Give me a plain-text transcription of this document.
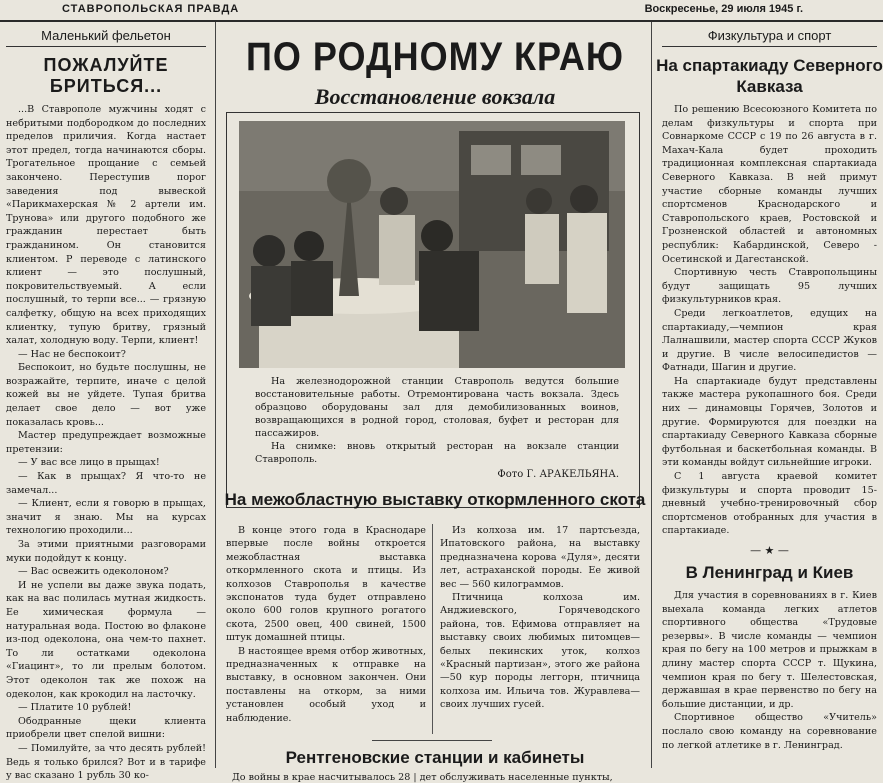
СТАВРОПОЛЬСКАЯ ПРАВДА	Воскресенье, 29 июля 1945 г.
Маленький фельетон
ПОЖАЛУЙТЕ БРИТЬСЯ...

...В Ставрополе мужчины ходят с небритыми подбородком до последних пределов приличия. Когда настает этот предел, тогда начинаются сборы. Трогательное прощание с семьей закончено. Переступив порог заведения под вывеской «Парикмахерская № 2 артели им. Трунова» или другого подобного же гражданин перестает быть гражданином. Он становится клиентом. Р переводе с латинского клиент — это послушный, покровительствуемый. А если послушный, то терпи все... — грязную салфетку, общую на всех приходящих клиентку, тупую бритву, грязный халат, холодную воду. Терпи, клиент!

— Нас не беспокоит?

Беспокоит, но будьте послушны, не возражайте, терпите, иначе с целой кожей вы не уйдете. Тупая бритва делает свое дело — вот уже показалась кровь...

Мастер предупреждает возможные претензии:

— У вас все лицо в прыщах!

— Как в прыщах? Я что-то не замечал...

— Клиент, если я говорю в прыщах, значит я знаю. Мы на курсах технологию проходили...

За этими приятными разговорами муки подойдут к концу.

— Вас освежить одеколоном?

И не успели вы даже звука подать, как на вас полилась мутная жидкость. Ее химическая формула — натуральная вода. Постою во флаконе из-под одеколона, она чем-то пахнет. То ли остатками одеколона «Гиацинт», то ли прелым болотом. Этот одеколон так же похож на одеколон, как крокодил на ласточку.

— Платите 10 рублей!

Ободранные щеки клиента приобрели цвет спелой вишни:

— Помилуйте, за что десять рублей! Ведь я только брился? Вот и в тарифе у вас сказано 1 рубль 30 ко-

ПО РОДНОМУ КРАЮ
Восстановление вокзала

На железнодорожной станции Ставрополь ведутся большие восстановительные работы. Отремонтирована часть вокзала. Здесь образцово оборудованы зал для демобилизованных воинов, возвращающихся в родной город, столовая, буфет и ресторан для пассажиров.

На снимке: вновь открытый ресторан на вокзале станции Ставрополь.

Фото Г. АРАКЕЛЬЯНА.
На межобластную выставку откормленного скота

В конце этого года в Краснодаре впервые после войны откроется межобластная выставка откормленного скота и птицы. Из колхозов Ставрополья в качестве экспонатов туда будет отправлено около 600 голов крупного рогатого скота, 2500 овец, 400 свиней, 1500 штук домашней птицы.

В настоящее время отбор животных, предназначенных к отправке на выставку, в основном закончен. Они поставлены на откорм, за ними установлен особый уход и наблюдение.

Из колхоза им. 17 партсъезда, Ипатовского района, на выставку предназначена корова «Дуля», десяти лет, астраханской породы. Ее живой вес — 560 килограммов.

Птичница колхоза им. Анджиевского, Горячеводского района, тов. Ефимова отправляет на выставку своих любимых питомцев—белых пекинских уток, колхоз «Красный партизан», этого же района —50 кур породы леггорн, птичница колхоза им. Ильича тов. Журавлева—своих лучших гусей.

Рентгеновские станции и кабинеты
До войны в крае насчитывалось 28 | дет обслуживать населенные пункты,
Физкультура и спорт
На спартакиаду Северного Кавказа

По решению Всесоюзного Комитета по делам физкультуры и спорта при Совнаркоме СССР с 19 по 26 августа в г. Махач-Кала будет проходить традиционная комплексная спартакиада Северного Кавказа. В ней примут участие сборные команды лучших спортсменов Краснодарского и Ставропольского краев, Ростовской и Грозненской областей и автономных республик: Кабардинской, Северо - Осетинской и Дагестанской.

Спортивную честь Ставропольщины будут защищать 95 лучших физкультурников края.

Среди легкоатлетов, едущих на спартакиаду,—чемпион края Лалнашвили, мастер спорта СССР Жуков и другие. В числе велосипедистов — Фатнади, Шагин и другие.

На спартакиаде будут представлены также мастера рукопашного боя. Среди них — динамовцы Горячев, Золотов и другие. Формируются для поездки на спартакиаду Северного Кавказа сборные футбольная и баскетбольная команды. В эти команды войдут сильнейшие игроки.

С 1 августа краевой комитет физкультуры и спорта проводит 15-дневный учебно-тренировочный сбор спортсменов отобранных для участия в спартакиаде.

— ★ —
В Ленинград и Киев

Для участия в соревнованиях в г. Киев выехала команда легких атлетов спортивного общества «Трудовые резервы». В числе команды — чемпион края по бегу на 100 метров и прыжкам в длину мастер спорта СССР т. Щукина, чемпион края по бегу т. Шелестовская, державшая в крае первенство по бегу на большие дистанции, и др.

Спортивное общество «Учитель» послало свою команду на соревнование по легкой атлетике в г. Ленинград.
